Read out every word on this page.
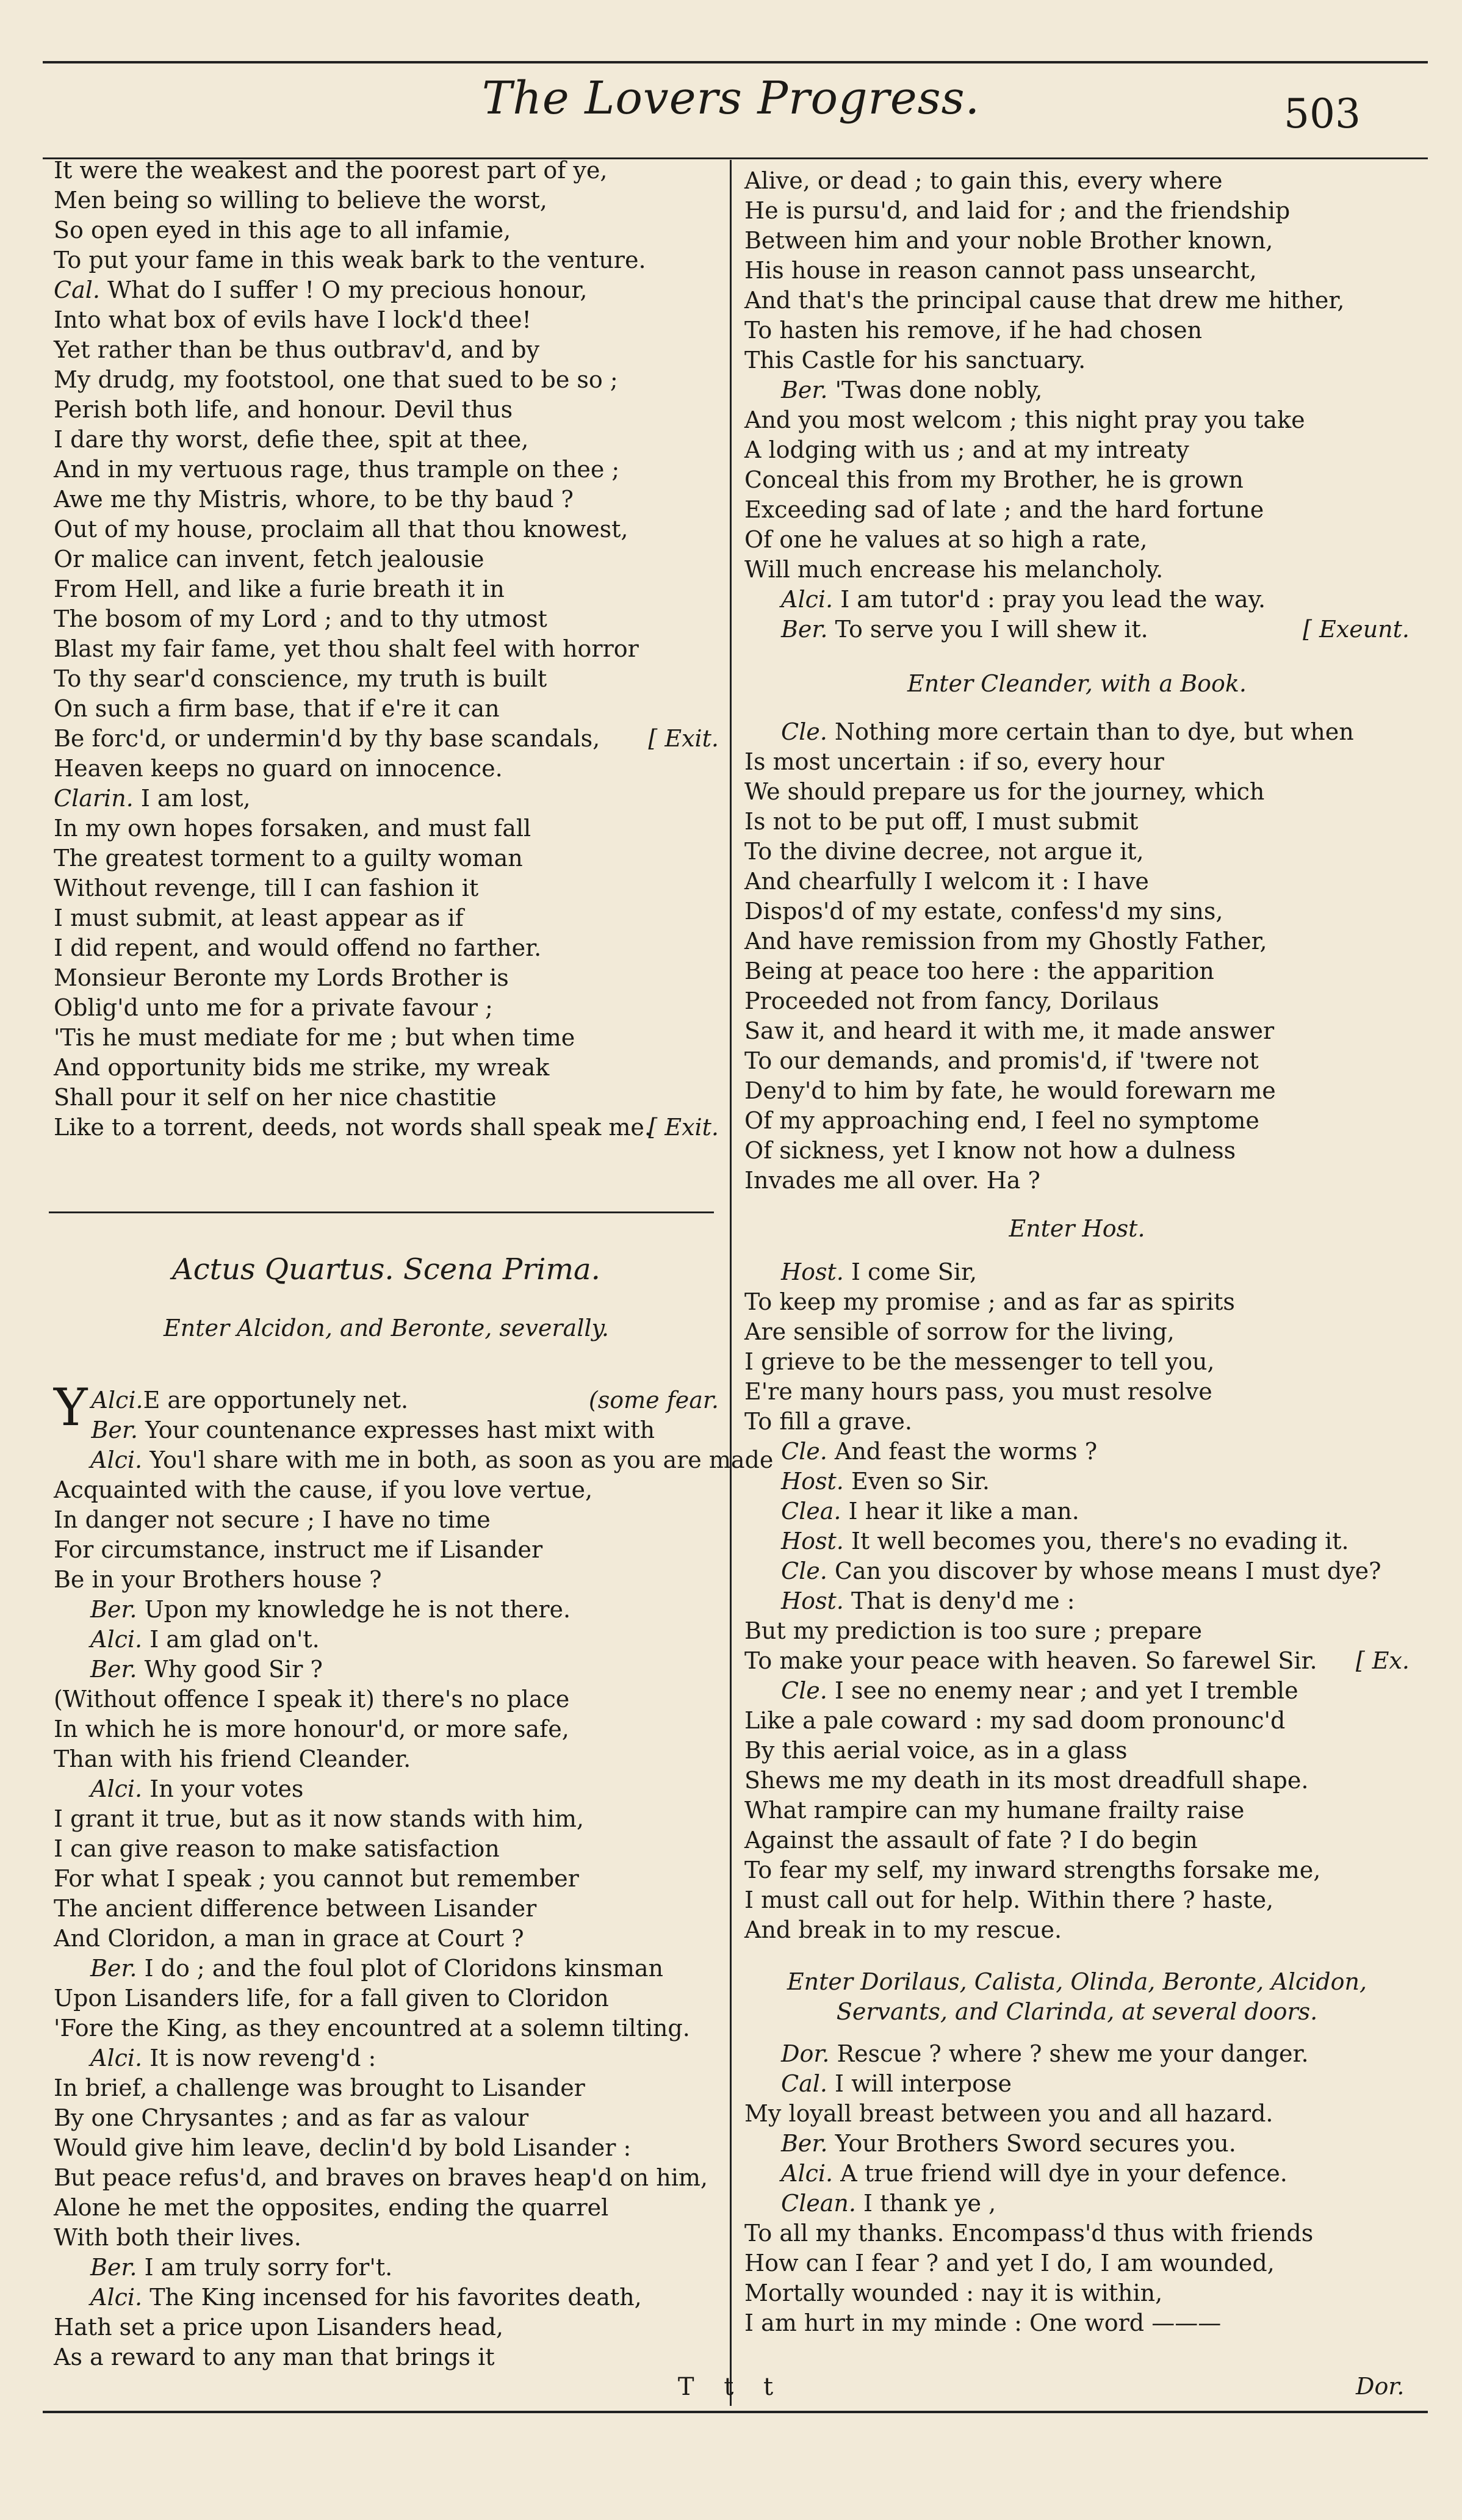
The Lovers Progress.	503
It were the weakest and the poorest part of ye,
Men being so willing to believe the worst,
So open eyed in this age to all infamie,
To put your fame in this weak bark to the venture.
Cal. What do I suffer ! O my precious honour,
Into what box of evils have I lock'd thee!
Yet rather than be thus outbrav'd, and by
My drudg, my footstool, one that sued to be so ;
Perish both life, and honour. Devil thus
I dare thy worst, defie thee, spit at thee,
And in my vertuous rage, thus trample on thee ;
Awe me thy Mistris, whore, to be thy baud ?
Out of my house, proclaim all that thou knowest,
Or malice can invent, fetch jealousie
From Hell, and like a furie breath it in
The bosom of my Lord ; and to thy utmost
Blast my fair fame, yet thou shalt feel with horror
To thy sear'd conscience, my truth is built
On such a firm base, that if e're it can
Be forc'd, or undermin'd by thy base scandals, [ Exit.
Heaven keeps no guard on innocence.
Clarin. I am lost,
In my own hopes forsaken, and must fall
The greatest torment to a guilty woman
Without revenge, till I can fashion it
I must submit, at least appear as if
I did repent, and would offend no farther.
Monsieur Beronte my Lords Brother is
Oblig'd unto me for a private favour ;
'Tis he must mediate for me ; but when time
And opportunity bids me strike, my wreak
Shall pour it self on her nice chastitie
Like to a torrent, deeds, not words shall speak me.
[ Exit.
Actus Quartus. Scena Prima.
Enter Alcidon, and Beronte, severally.
Alci.
Y E are opportunely net.	(some fear.
Ber. Your countenance expresses hast mixt with
Alci. You'l share with me in both, as soon as you are made
Acquainted with the cause, if you love vertue,
In danger not secure ; I have no time
For circumstance, instruct me if Lisander
Be in your Brothers house ?
Ber. Upon my knowledge he is not there.
Alci. I am glad on't.
Ber. Why good Sir ?
(Without offence I speak it) there's no place
In which he is more honour'd, or more safe,
Than with his friend Cleander.
Alci. In your votes
I grant it true, but as it now stands with him,
I can give reason to make satisfaction
For what I speak ; you cannot but remember
The ancient difference between Lisander
And Cloridon, a man in grace at Court ?
Ber. I do ; and the foul plot of Cloridons kinsman
Upon Lisanders life, for a fall given to Cloridon
'Fore the King, as they encountred at a solemn tilting.
Alci. It is now reveng'd :
In brief, a challenge was brought to Lisander
By one Chrysantes ; and as far as valour
Would give him leave, declin'd by bold Lisander :
But peace refus'd, and braves on braves heap'd on him,
Alone he met the opposites, ending the quarrel
With both their lives.
Ber. I am truly sorry for't.
Alci. The King incensed for his favorites death,
Hath set a price upon Lisanders head,
As a reward to any man that brings it
Alive, or dead ; to gain this, every where
He is pursu'd, and laid for ; and the friendship
Between him and your noble Brother known,
His house in reason cannot pass unsearcht,
And that's the principal cause that drew me hither,
To hasten his remove, if he had chosen
This Castle for his sanctuary.
Ber. 'Twas done nobly,
And you most welcom ; this night pray you take
A lodging with us ; and at my intreaty
Conceal this from my Brother, he is grown
Exceeding sad of late ; and the hard fortune
Of one he values at so high a rate,
Will much encrease his melancholy.
Alci. I am tutor'd : pray you lead the way.
Ber. To serve you I will shew it.	[ Exeunt.
Enter Cleander, with a Book.
Cle. Nothing more certain than to dye, but when
Is most uncertain : if so, every hour
We should prepare us for the journey, which
Is not to be put off, I must submit
To the divine decree, not argue it,
And chearfully I welcom it : I have
Dispos'd of my estate, confess'd my sins,
And have remission from my Ghostly Father,
Being at peace too here : the apparition
Proceeded not from fancy, Dorilaus
Saw it, and heard it with me, it made answer
To our demands, and promis'd, if 'twere not
Deny'd to him by fate, he would forewarn me
Of my approaching end, I feel no symptome
Of sickness, yet I know not how a dulness
Invades me all over. Ha ?
Enter Host.
Host. I come Sir,
To keep my promise ; and as far as spirits
Are sensible of sorrow for the living,
I grieve to be the messenger to tell you,
E're many hours pass, you must resolve
To fill a grave.
Cle. And feast the worms ?
Host. Even so Sir.
Clea. I hear it like a man.
Host. It well becomes you, there's no evading it.
Cle. Can you discover by whose means I must dye?
Host. That is deny'd me :
But my prediction is too sure ; prepare
To make your peace with heaven. So farewel Sir. [ Ex.
Cle. I see no enemy near ; and yet I tremble
Like a pale coward : my sad doom pronounc'd
By this aerial voice, as in a glass
Shews me my death in its most dreadfull shape.
What rampire can my humane frailty raise
Against the assault of fate ? I do begin
To fear my self, my inward strengths forsake me,
I must call out for help. Within there ? haste,
And break in to my rescue.
Enter Dorilaus, Calista, Olinda, Beronte, Alcidon,
Servants, and Clarinda, at several doors.
Dor. Rescue ? where ? shew me your danger.
Cal. I will interpose
My loyall breast between you and all hazard.
Ber. Your Brothers Sword secures you.
Alci. A true friend will dye in your defence.
Clean. I thank ye ,
To all my thanks. Encompass'd thus with friends
How can I fear ? and yet I do, I am wounded,
Mortally wounded : nay it is within,
I am hurt in my minde : One word ———
T t t	Dor.
